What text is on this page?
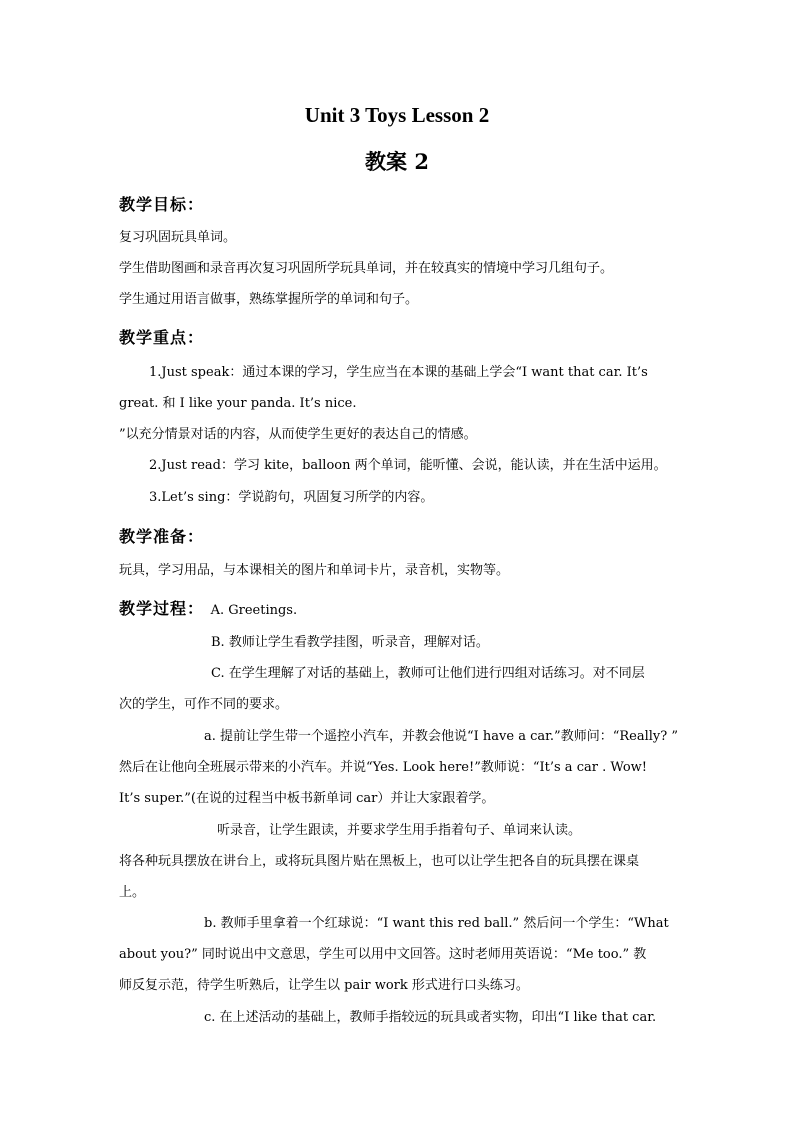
Unit 3 Toys Lesson 2
教案 2
教学目标：
复习巩固玩具单词。
学生借助图画和录音再次复习巩固所学玩具单词，并在较真实的情境中学习几组句子。
学生通过用语言做事，熟练掌握所学的单词和句子。
教学重点：
1.Just speak：通过本课的学习，学生应当在本课的基础上学会“I want that car. It’s
great. 和 I like your panda. It’s nice.
”以充分情景对话的内容，从而使学生更好的表达自己的情感。
2.Just read：学习 kite，balloon 两个单词，能听懂、会说，能认读，并在生活中运用。
3.Let’s sing：学说韵句，巩固复习所学的内容。
教学准备：
玩具，学习用品，与本课相关的图片和单词卡片，录音机，实物等。
教学过程： A. Greetings.
B. 教师让学生看教学挂图，听录音，理解对话。
C. 在学生理解了对话的基础上，教师可让他们进行四组对话练习。对不同层
次的学生，可作不同的要求。
a. 提前让学生带一个遥控小汽车，并教会他说“I have a car.”教师问：“Really? ”
然后在让他向全班展示带来的小汽车。并说“Yes. Look here!”教师说：“It’s a car . Wow!
It’s super.”(在说的过程当中板书新单词 car）并让大家跟着学。
听录音，让学生跟读，并要求学生用手指着句子、单词来认读。
将各种玩具摆放在讲台上，或将玩具图片贴在黑板上，也可以让学生把各自的玩具摆在课桌
上。
b. 教师手里拿着一个红球说：“I want this red ball.” 然后问一个学生：“What
about you?” 同时说出中文意思，学生可以用中文回答。这时老师用英语说：“Me too.” 教
师反复示范，待学生听熟后，让学生以 pair work 形式进行口头练习。
c. 在上述活动的基础上，教师手指较远的玩具或者实物，印出“I like that car.
